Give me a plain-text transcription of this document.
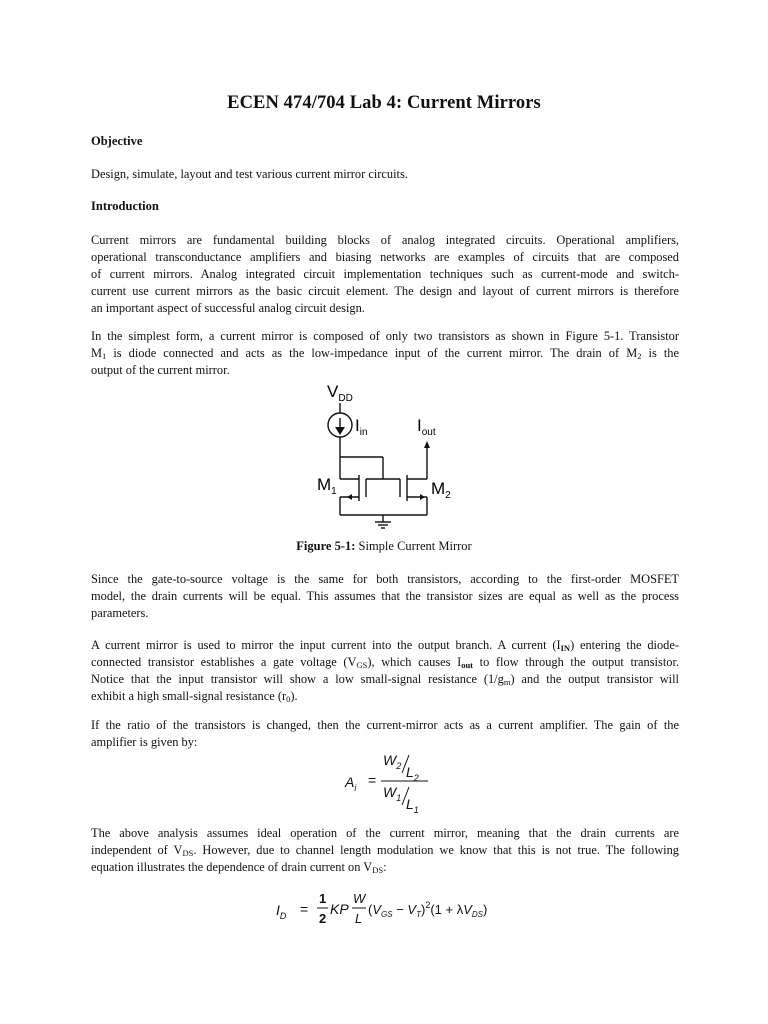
ECEN 474/704 Lab 4: Current Mirrors
Objective
Design, simulate, layout and test various current mirror circuits.
Introduction
Current mirrors are fundamental building blocks of analog integrated circuits. Operational amplifiers,
operational transconductance amplifiers and biasing networks are examples of circuits that are composed
of current mirrors. Analog integrated circuit implementation techniques such as current-mode and switch-
current use current mirrors as the basic circuit element. The design and layout of current mirrors is therefore
an important aspect of successful analog circuit design.
In the simplest form, a current mirror is composed of only two transistors as shown in Figure 5-1. Transistor
$M_1$ is diode connected and acts as the low-impedance input of the current mirror. The drain of $M_2$ is the
output of the current mirror.
$V_{DD}$
$I_{in}$	$I_{out}$
$M_1$	$M_2$
Figure 5-1: Simple Current Mirror
Since the gate-to-source voltage is the same for both transistors, according to the first-order MOSFET
model, the drain currents will be equal. This assumes that the transistor sizes are equal as well as the process
parameters.
A current mirror is used to mirror the input current into the output branch. A current $(I_{IN})$ entering the diode-
connected transistor establishes a gate voltage $(V_{GS})$, which causes $I_{out}$ to flow through the output transistor.
Notice that the input transistor will show a low small-signal resistance $(1/g_m)$ and the output transistor will
exhibit a high small-signal resistance $(r_0)$.
If the ratio of the transistors is changed, then the current-mirror acts as a current amplifier. The gain of the
amplifier is given by:
$A_i$ =
$W_2$ $L_2$
$W_1$ $L_1$
The above analysis assumes ideal operation of the current mirror, meaning that the drain currents are
independent of $V_{DS}$. However, due to channel length modulation we know that this is not true. The following
equation illustrates the dependence of drain current on $V_{DS}$:
$I_D$ =
1
2
KP
W
L
$(V_{GS} - V_T)^2(1 + \lambda V_{DS})$
